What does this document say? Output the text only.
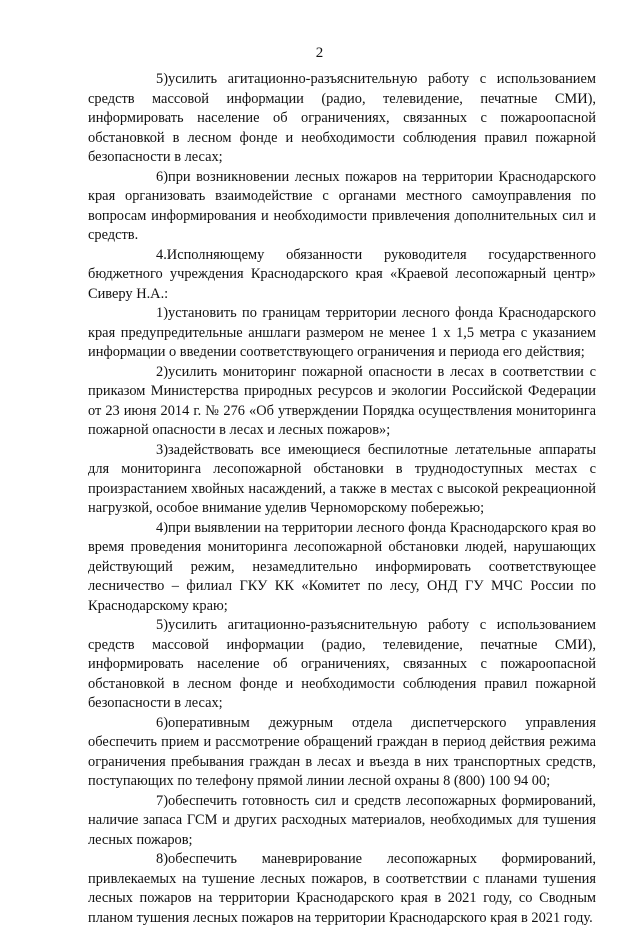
2

5)усилить агитационно-разъяснительную работу с использованием средств массовой информации (радио, телевидение, печатные СМИ), информировать население об ограничениях, связанных с пожароопасной обстановкой в лесном фонде и необходимости соблюдения правил пожарной безопасности в лесах;

6)при возникновении лесных пожаров на территории Краснодарского края организовать взаимодействие с органами местного самоуправления по вопросам информирования и необходимости привлечения дополнительных сил и средств.

4.Исполняющему обязанности руководителя государственного бюджетного учреждения Краснодарского края «Краевой лесопожарный центр» Сиверу Н.А.:

1)установить по границам территории лесного фонда Краснодарского края предупредительные аншлаги размером не менее 1 x 1,5 метра с указанием информации о введении соответствующего ограничения и периода его действия;

2)усилить мониторинг пожарной опасности в лесах в соответствии с приказом Министерства природных ресурсов и экологии Российской Федерации от 23 июня 2014 г. № 276 «Об утверждении Порядка осуществления мониторинга пожарной опасности в лесах и лесных пожаров»;

3)задействовать все имеющиеся беспилотные летательные аппараты для мониторинга лесопожарной обстановки в труднодоступных местах с произрастанием хвойных насаждений, а также в местах с высокой рекреационной нагрузкой, особое внимание уделив Черноморскому побережью;

4)при выявлении на территории лесного фонда Краснодарского края во время проведения мониторинга лесопожарной обстановки людей, нарушающих действующий режим, незамедлительно информировать соответствующее лесничество – филиал ГКУ КК «Комитет по лесу, ОНД ГУ МЧС России по Краснодарскому краю;

5)усилить агитационно-разъяснительную работу с использованием средств массовой информации (радио, телевидение, печатные СМИ), информировать население об ограничениях, связанных с пожароопасной обстановкой в лесном фонде и необходимости соблюдения правил пожарной безопасности в лесах;

6)оперативным дежурным отдела диспетчерского управления обеспечить прием и рассмотрение обращений граждан в период действия режима ограничения пребывания граждан в лесах и въезда в них транспортных средств, поступающих по телефону прямой линии лесной охраны 8 (800) 100 94 00;

7)обеспечить готовность сил и средств лесопожарных формирований, наличие запаса ГСМ и других расходных материалов, необходимых для тушения лесных пожаров;

8)обеспечить маневрирование лесопожарных формирований, привлекаемых на тушение лесных пожаров, в соответствии с планами тушения лесных пожаров на территории Краснодарского края в 2021 году, со Сводным планом тушения лесных пожаров на территории Краснодарского края в 2021 году.
